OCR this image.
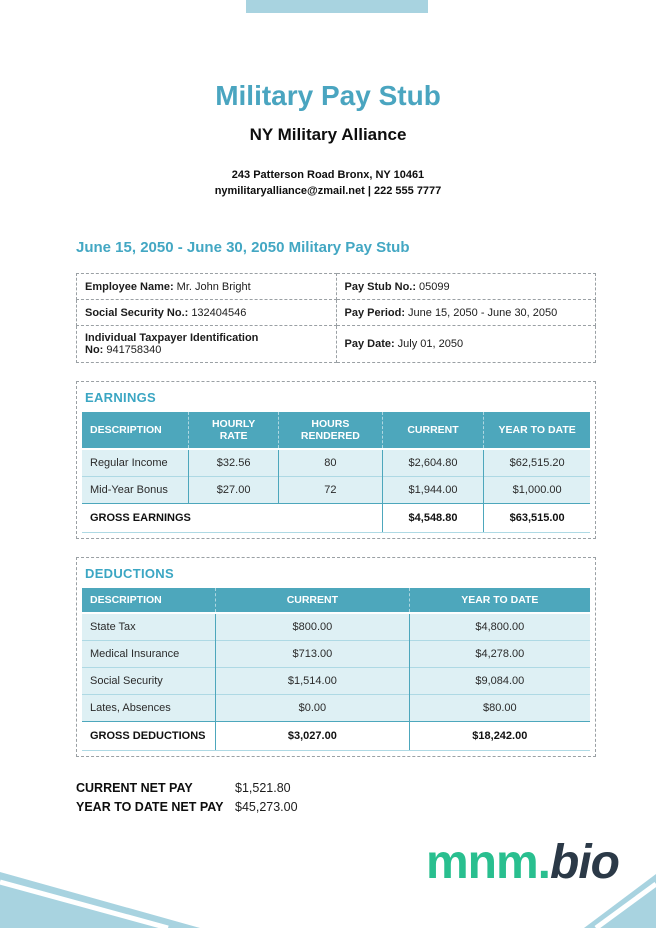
Military Pay Stub
NY Military Alliance
243 Patterson Road Bronx, NY 10461
nymilitaryalliance@zmail.net | 222 555 7777
June 15, 2050 - June 30, 2050 Military Pay Stub
Employee Name: Mr. John Bright	Pay Stub No.: 05099
Social Security No.: 132404546	Pay Period: June 15, 2050 - June 30, 2050
Individual Taxpayer Identification No: 941758340	Pay Date: July 01, 2050
EARNINGS
DESCRIPTION	HOURLY RATE	HOURS RENDERED	CURRENT	YEAR TO DATE
Regular Income	$32.56	80	$2,604.80	$62,515.20
Mid-Year Bonus	$27.00	72	$1,944.00	$1,000.00
GROSS EARNINGS			$4,548.80	$63,515.00
DEDUCTIONS
DESCRIPTION	CURRENT	YEAR TO DATE
State Tax	$800.00	$4,800.00
Medical Insurance	$713.00	$4,278.00
Social Security	$1,514.00	$9,084.00
Lates, Absences	$0.00	$80.00
GROSS DEDUCTIONS	$3,027.00	$18,242.00
CURRENT NET PAY	$1,521.80
YEAR TO DATE NET PAY $45,273.00
mnm.bio
